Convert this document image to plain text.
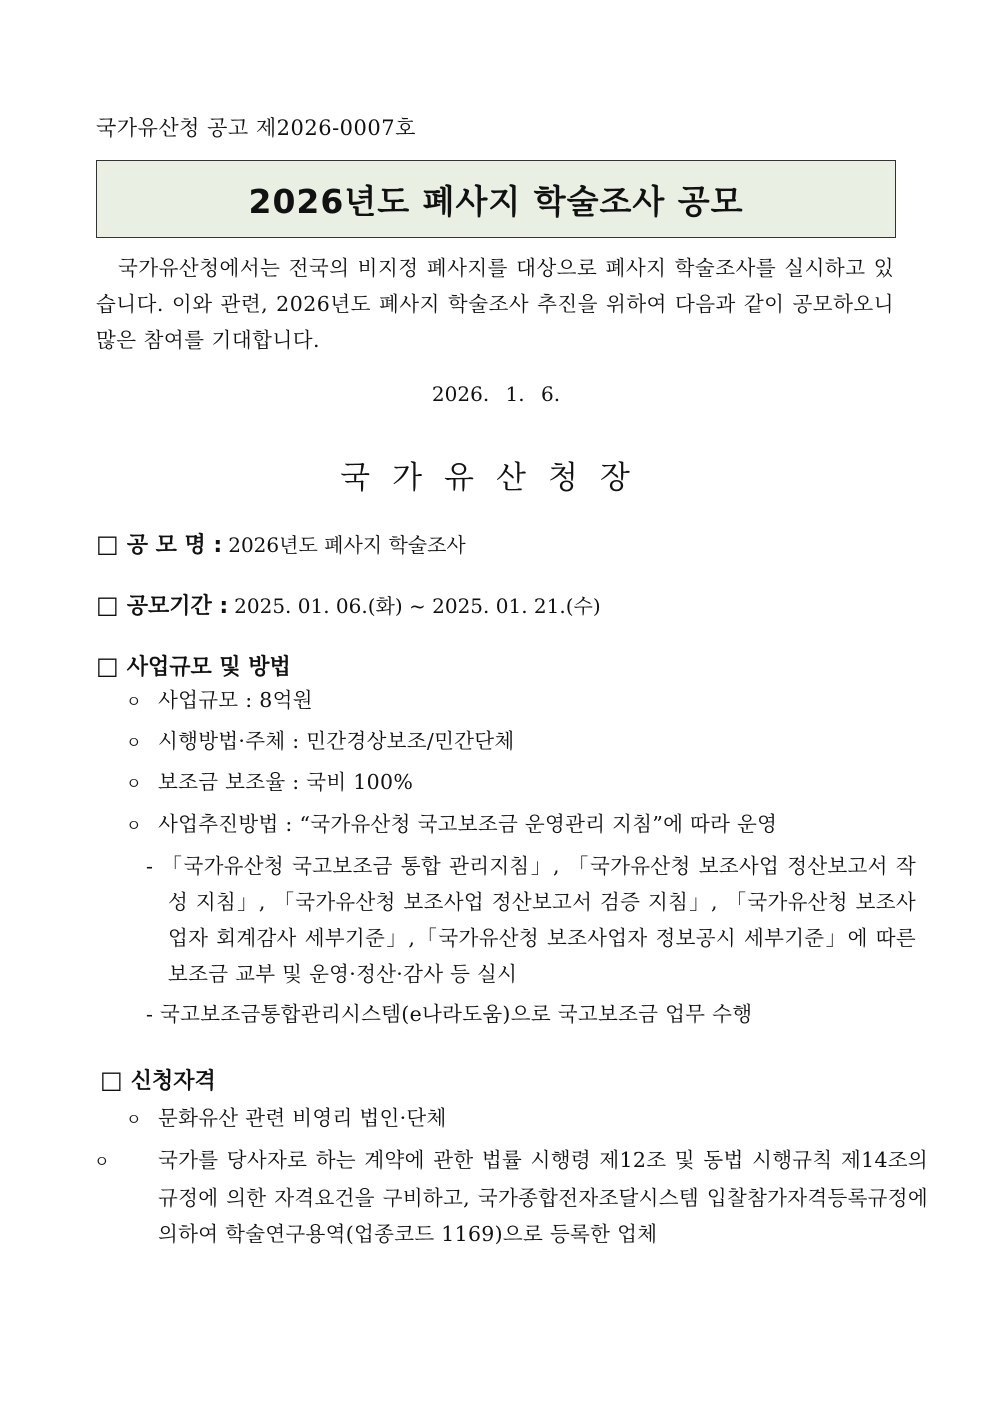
국가유산청 공고 제2026-0007호
2026년도 폐사지 학술조사 공모
국가유산청에서는 전국의 비지정 폐사지를 대상으로 폐사지 학술조사를 실시하고 있습니다. 이와 관련, 2026년도 폐사지 학술조사 추진을 위하여 다음과 같이 공모하오니 많은 참여를 기대합니다.
2026. 1. 6.
국가유산청장
□ 공 모 명 : 2026년도 폐사지 학술조사
□ 공모기간 : 2025. 01. 06.(화) ~ 2025. 01. 21.(수)
□ 사업규모 및 방법
ㅇ 사업규모 : 8억원
ㅇ 시행방법·주체 : 민간경상보조/민간단체
ㅇ 보조금 보조율 : 국비 100%
ㅇ 사업추진방법 : “국가유산청 국고보조금 운영관리 지침”에 따라 운영
- 「국가유산청 국고보조금 통합 관리지침」, 「국가유산청 보조사업 정산보고서 작성 지침」, 「국가유산청 보조사업 정산보고서 검증 지침」, 「국가유산청 보조사업자 회계감사 세부기준」,「국가유산청 보조사업자 정보공시 세부기준」에 따른 보조금 교부 및 운영·정산·감사 등 실시
- 국고보조금통합관리시스템(e나라도움)으로 국고보조금 업무 수행
□ 신청자격
ㅇ 문화유산 관련 비영리 법인·단체
ㅇ 국가를 당사자로 하는 계약에 관한 법률 시행령 제12조 및 동법 시행규칙 제14조의 규정에 의한 자격요건을 구비하고, 국가종합전자조달시스템 입찰참가자격등록규정에 의하여 학술연구용역(업종코드 1169)으로 등록한 업체
